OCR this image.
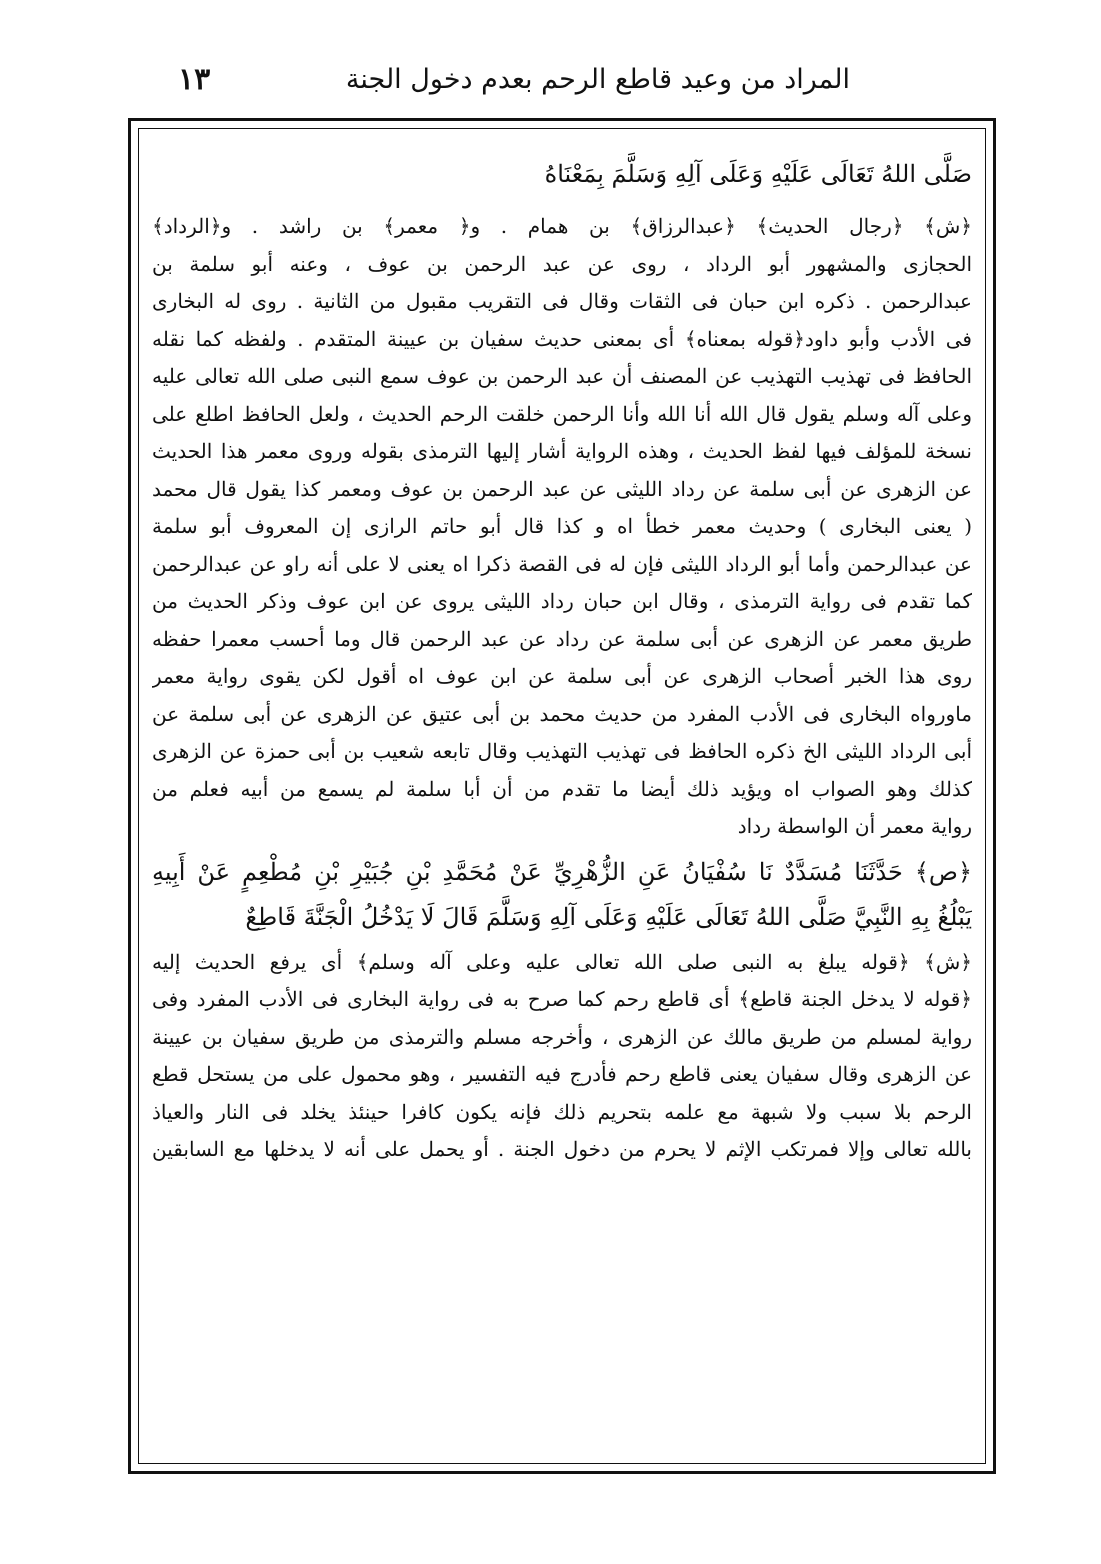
المراد من وعيد قاطع الرحم بعدم دخول الجنة
١٣
صَلَّى اللهُ تَعَالَى عَلَيْهِ وَعَلَى آلِهِ وَسَلَّمَ بِمَعْنَاهُ
﴿ش﴾ ﴿رجال الحديث﴾ ﴿عبدالرزاق﴾ بن همام . و﴿ معمر﴾ بن راشد . و﴿الرداد﴾
الحجازى والمشهور أبو الرداد ، روى عن عبد الرحمن بن عوف ، وعنه أبو سلمة بن
عبدالرحمن . ذكره ابن حبان فى الثقات وقال فى التقريب مقبول من الثانية . روى له البخارى
فى الأدب وأبو داود﴿قوله بمعناه﴾ أى بمعنى حديث سفيان بن عيينة المتقدم . ولفظه كما نقله
الحافظ فى تهذيب التهذيب عن المصنف أن عبد الرحمن بن عوف سمع النبى صلى الله تعالى عليه
وعلى آله وسلم يقول قال الله أنا الله وأنا الرحمن خلقت الرحم الحديث ، ولعل الحافظ اطلع على
نسخة للمؤلف فيها لفظ الحديث ، وهذه الرواية أشار إليها الترمذى بقوله وروى معمر هذا الحديث
عن الزهرى عن أبى سلمة عن رداد الليثى عن عبد الرحمن بن عوف ومعمر كذا يقول قال محمد
( يعنى البخارى ) وحديث معمر خطأ اه و كذا قال أبو حاتم الرازى إن المعروف أبو سلمة
عن عبدالرحمن وأما أبو الرداد الليثى فإن له فى القصة ذكرا اه يعنى لا على أنه راو عن عبدالرحمن
كما تقدم فى رواية الترمذى ، وقال ابن حبان رداد الليثى يروى عن ابن عوف وذكر الحديث من
طريق معمر عن الزهرى عن أبى سلمة عن رداد عن عبد الرحمن قال وما أحسب معمرا حفظه
روى هذا الخبر أصحاب الزهرى عن أبى سلمة عن ابن عوف اه أقول لكن يقوى رواية معمر
ماورواه البخارى فى الأدب المفرد من حديث محمد بن أبى عتيق عن الزهرى عن أبى سلمة عن
أبى الرداد الليثى الخ ذكره الحافظ فى تهذيب التهذيب وقال تابعه شعيب بن أبى حمزة عن الزهرى
كذلك وهو الصواب اه ويؤيد ذلك أيضا ما تقدم من أن أبا سلمة لم يسمع من أبيه فعلم من
رواية معمر أن الواسطة رداد
﴿ص﴾ حَدَّثَنَا مُسَدَّدٌ نَا سُفْيَانُ عَنِ الزُّهْرِيِّ عَنْ مُحَمَّدِ بْنِ جُبَيْرِ بْنِ مُطْعِمٍ عَنْ أَبِيهِ
يَبْلُغُ بِهِ النَّبِيَّ صَلَّى اللهُ تَعَالَى عَلَيْهِ وَعَلَى آلِهِ وَسَلَّمَ قَالَ لَا يَدْخُلُ الْجَنَّةَ قَاطِعٌ
﴿ش﴾ ﴿قوله يبلغ به النبى صلى الله تعالى عليه وعلى آله وسلم﴾ أى يرفع الحديث إليه
﴿قوله لا يدخل الجنة قاطع﴾ أى قاطع رحم كما صرح به فى رواية البخارى فى الأدب المفرد وفى
رواية لمسلم من طريق مالك عن الزهرى ، وأخرجه مسلم والترمذى من طريق سفيان بن عيينة
عن الزهرى وقال سفيان يعنى قاطع رحم فأدرج فيه التفسير ، وهو محمول على من يستحل قطع
الرحم بلا سبب ولا شبهة مع علمه بتحريم ذلك فإنه يكون كافرا حينئذ يخلد فى النار والعياذ
بالله تعالى وإلا فمرتكب الإثم لا يحرم من دخول الجنة . أو يحمل على أنه لا يدخلها مع السابقين
